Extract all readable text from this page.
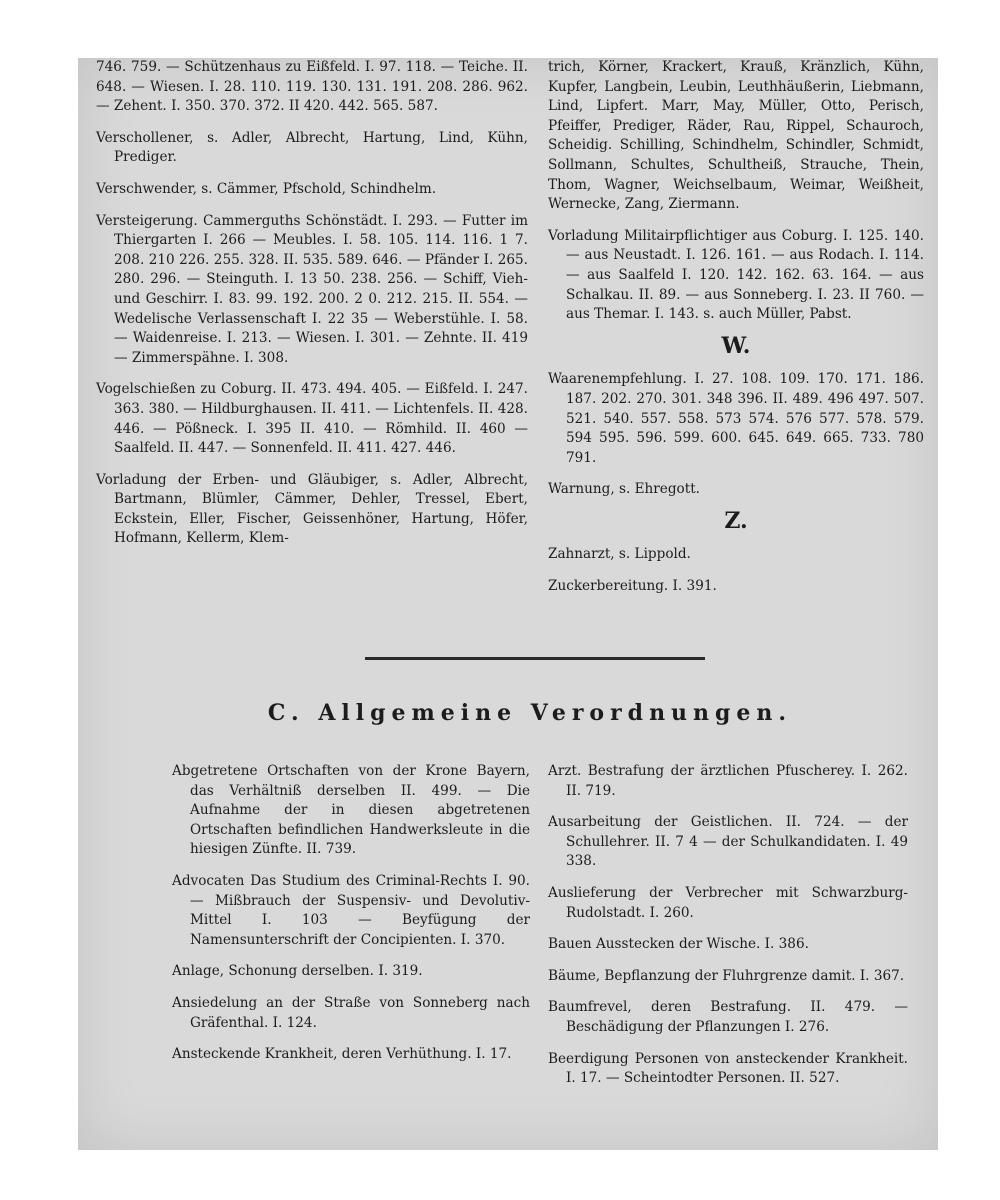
746. 759. — Schützenhaus zu Eißfeld. I. 97. 118. — Teiche. II. 648. — Wiesen. I. 28. 110. 119. 130. 131. 191. 208. 286. 962. — Zehent. I. 350. 370. 372. II 420. 442. 565. 587.

Verschollener, s. Adler, Albrecht, Hartung, Lind, Kühn, Prediger.

Verschwender, s. Cämmer, Pfschold, Schindhelm.

Versteigerung. Cammerguths Schönstädt. I. 293. — Futter im Thiergarten I. 266 — Meubles. I. 58. 105. 114. 116. 1 7. 208. 210 226. 255. 328. II. 535. 589. 646. — Pfänder I. 265. 280. 296. — Steinguth. I. 13 50. 238. 256. — Schiff, Vieh- und Geschirr. I. 83. 99. 192. 200. 2 0. 212. 215. II. 554. — Wedelische Verlassenschaft I. 22 35 — Weberstühle. I. 58. — Waidenreise. I. 213. — Wiesen. I. 301. — Zehnte. II. 419 — Zimmerspähne. I. 308.

Vogelschießen zu Coburg. II. 473. 494. 405. — Eißfeld. I. 247. 363. 380. — Hildburghausen. II. 411. — Lichtenfels. II. 428. 446. — Pößneck. I. 395 II. 410. — Römhild. II. 460 — Saalfeld. II. 447. — Sonnenfeld. II. 411. 427. 446.

Vorladung der Erben- und Gläubiger, s. Adler, Albrecht, Bartmann, Blümler, Cämmer, Dehler, Tressel, Ebert, Eckstein, Eller, Fischer, Geissenhöner, Hartung, Höfer, Hofmann, Kellerm, Klem-

trich, Körner, Krackert, Krauß, Kränzlich, Kühn, Kupfer, Langbein, Leubin, Leuthhäußerin, Liebmann, Lind, Lipfert. Marr, May, Müller, Otto, Perisch, Pfeiffer, Prediger, Räder, Rau, Rippel, Schauroch, Scheidig. Schilling, Schindhelm, Schindler, Schmidt, Sollmann, Schultes, Schultheiß, Strauche, Thein, Thom, Wagner, Weichselbaum, Weimar, Weißheit, Wernecke, Zang, Ziermann.

Vorladung Militairpflichtiger aus Coburg. I. 125. 140. — aus Neustadt. I. 126. 161. — aus Rodach. I. 114. — aus Saalfeld I. 120. 142. 162. 63. 164. — aus Schalkau. II. 89. — aus Sonneberg. I. 23. II 760. — aus Themar. I. 143. s. auch Müller, Pabst.

W.

Waarenempfehlung. I. 27. 108. 109. 170. 171. 186. 187. 202. 270. 301. 348 396. II. 489. 496 497. 507. 521. 540. 557. 558. 573 574. 576 577. 578. 579. 594 595. 596. 599. 600. 645. 649. 665. 733. 780 791.

Warnung, s. Ehregott.

Z.

Zahnarzt, s. Lippold.

Zuckerbereitung. I. 391.

C. Allgemeine Verordnungen.

Abgetretene Ortschaften von der Krone Bayern, das Verhältniß derselben II. 499. — Die Aufnahme der in diesen abgetretenen Ortschaften befindlichen Handwerksleute in die hiesigen Zünfte. II. 739.

Advocaten Das Studium des Criminal-Rechts I. 90. — Mißbrauch der Suspensiv- und Devolutiv-Mittel I. 103 — Beyfügung der Namensunterschrift der Concipienten. I. 370.

Anlage, Schonung derselben. I. 319.

Ansiedelung an der Straße von Sonneberg nach Gräfenthal. I. 124.

Ansteckende Krankheit, deren Verhüthung. I. 17.

Arzt. Bestrafung der ärztlichen Pfuscherey. I. 262. II. 719.

Ausarbeitung der Geistlichen. II. 724. — der Schullehrer. II. 7 4 — der Schulkandidaten. I. 49 338.

Auslieferung der Verbrecher mit Schwarzburg-Rudolstadt. I. 260.

Bauen Ausstecken der Wische. I. 386.

Bäume, Bepflanzung der Fluhrgrenze damit. I. 367.

Baumfrevel, deren Bestrafung. II. 479. — Beschädigung der Pflanzungen I. 276.

Beerdigung Personen von ansteckender Krankheit. I. 17. — Scheintodter Personen. II. 527.
